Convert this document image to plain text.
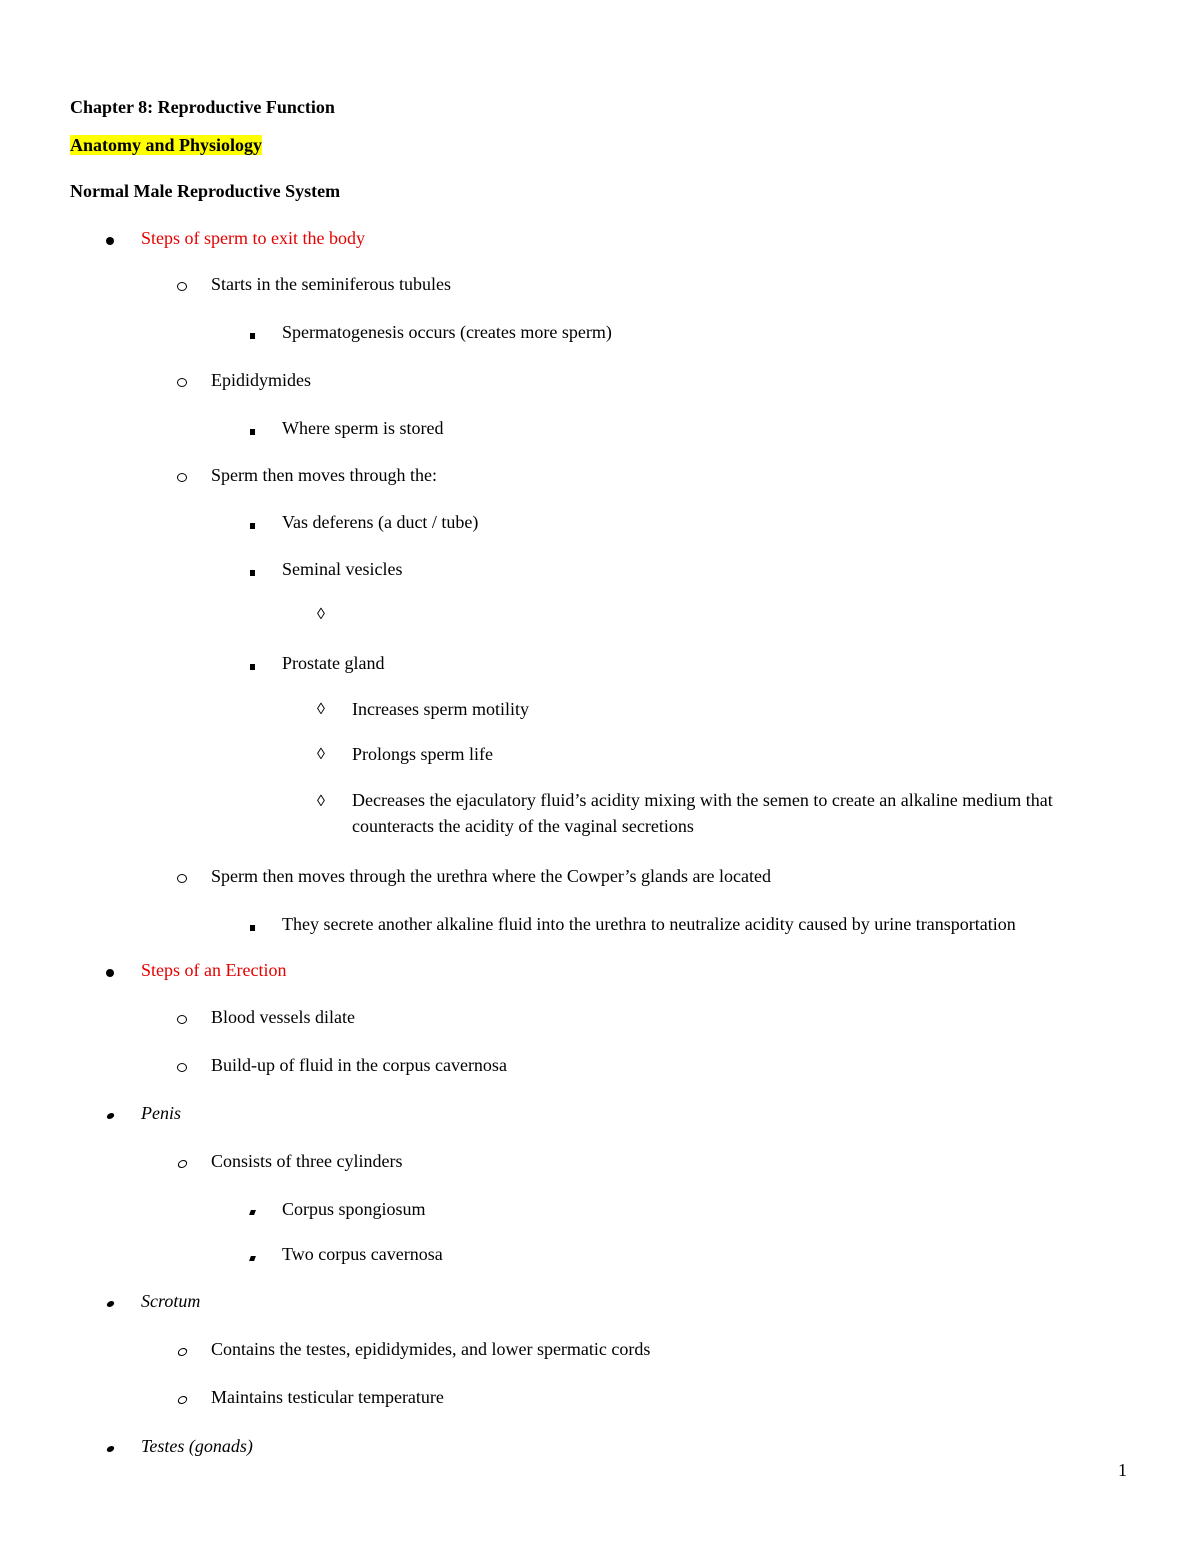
Chapter 8: Reproductive Function
Anatomy and Physiology
Normal Male Reproductive System
Steps of sperm to exit the body
Starts in the seminiferous tubules
Spermatogenesis occurs (creates more sperm)
Epididymides
Where sperm is stored
Sperm then moves through the:
Vas deferens (a duct / tube)
Seminal vesicles
◊
Prostate gland
◊	Increases sperm motility
◊	Prolongs sperm life
◊	Decreases the ejaculatory fluid’s acidity mixing with the semen to create an alkaline medium that counteracts the acidity of the vaginal secretions
Sperm then moves through the urethra where the Cowper’s glands are located
They secrete another alkaline fluid into the urethra to neutralize acidity caused by urine transportation
Steps of an Erection
Blood vessels dilate
Build-up of fluid in the corpus cavernosa
Penis
Consists of three cylinders
Corpus spongiosum
Two corpus cavernosa
Scrotum
Contains the testes, epididymides, and lower spermatic cords
Maintains testicular temperature
Testes (gonads)
1
